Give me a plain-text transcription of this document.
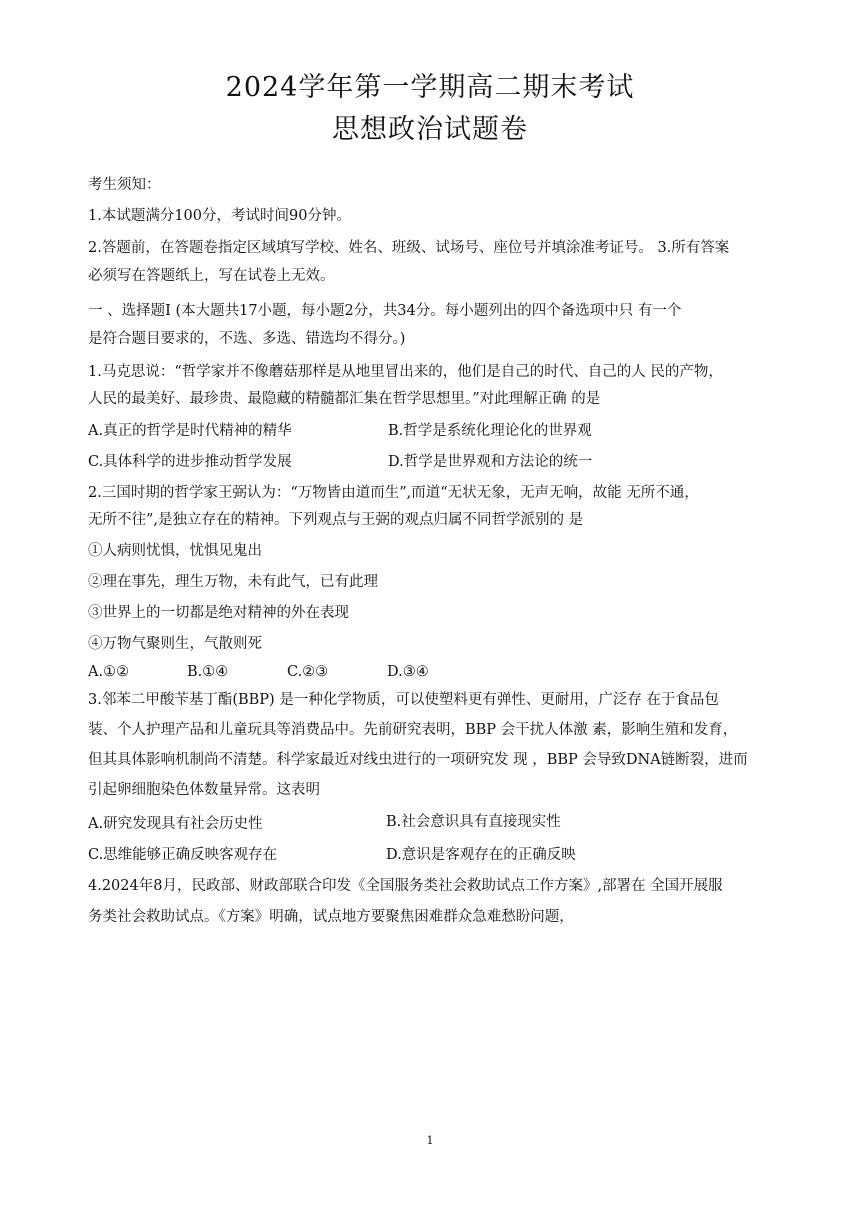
2024学年第一学期高二期末考试
思想政治试题卷
考生须知：
1.本试题满分100分，考试时间90分钟。
2.答题前，在答题卷指定区域填写学校、姓名、班级、试场号、座位号并填涂准考证号。 3.所有答案
必须写在答题纸上，写在试卷上无效。
一 、选择题Ⅰ (本大题共17小题，每小题2分，共34分。每小题列出的四个备选项中只 有一个
是符合题目要求的，不选、多选、错选均不得分。)
1.马克思说：“哲学家并不像蘑菇那样是从地里冒出来的，他们是自己的时代、自己的人 民的产物，
人民的最美好、最珍贵、最隐藏的精髓都汇集在哲学思想里。”对此理解正确 的是
A.真正的哲学是时代精神的精华	B.哲学是系统化理论化的世界观
C.具体科学的进步推动哲学发展	D.哲学是世界观和方法论的统一
2.三国时期的哲学家王弼认为：“万物皆由道而生”,而道“无状无象，无声无响，故能 无所不通，
无所不往”,是独立存在的精神。下列观点与王弼的观点归属不同哲学派别的 是
①人病则忧惧，忧惧见鬼出
②理在事先，理生万物，未有此气，已有此理
③世界上的一切都是绝对精神的外在表现
④万物气聚则生，气散则死
A.①②	B.①④	C.②③	D.③④
3.邻苯二甲酸苄基丁酯(BBP) 是一种化学物质，可以使塑料更有弹性、更耐用，广泛存 在于食品包
装、个人护理产品和儿童玩具等消费品中。先前研究表明，BBP 会干扰人体激 素，影响生殖和发育，
但其具体影响机制尚不清楚。科学家最近对线虫进行的一项研究发 现 ，BBP 会导致DNA链断裂，进而
引起卵细胞染色体数量异常。这表明
A.研究发现具有社会历史性	B.社会意识具有直接现实性
C.思维能够正确反映客观存在	D.意识是客观存在的正确反映
4.2024年8月，民政部、财政部联合印发《全国服务类社会救助试点工作方案》,部署在 全国开展服
务类社会救助试点。《方案》明确，试点地方要聚焦困难群众急难愁盼问题，
1
